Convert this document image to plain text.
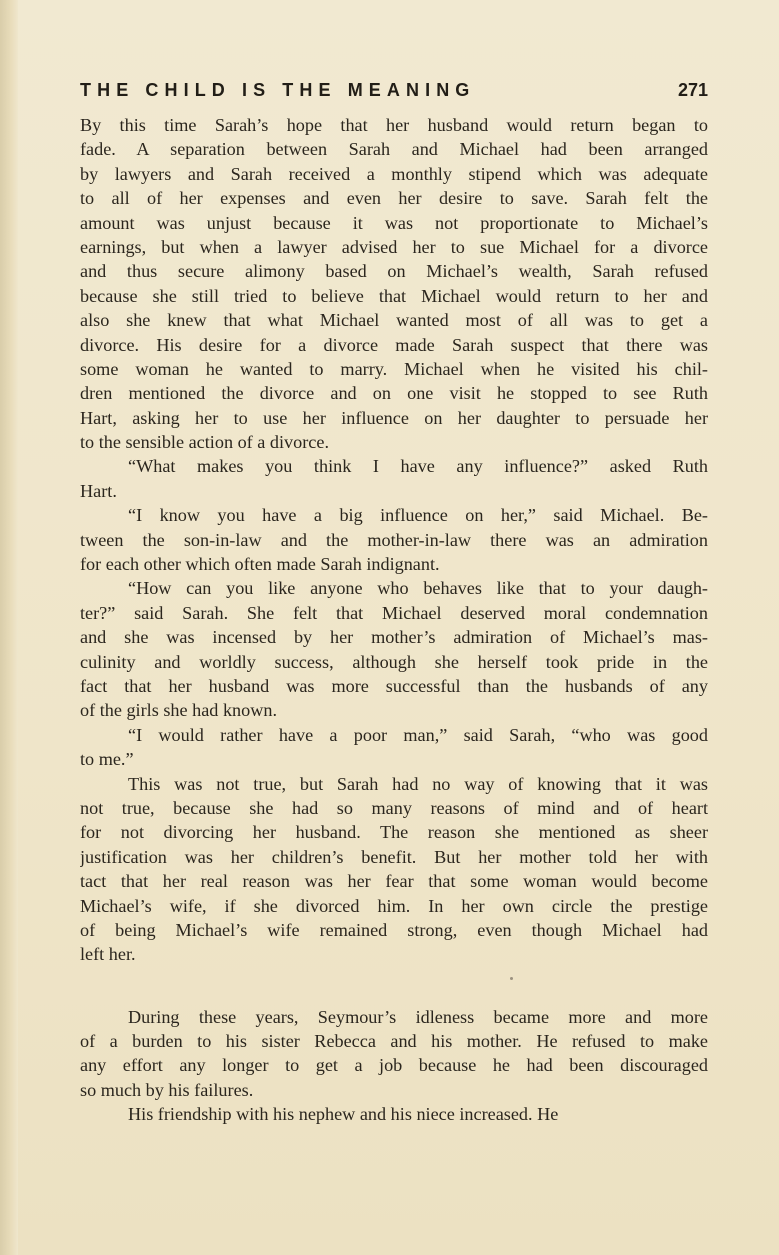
THE CHILD IS THE MEANING	271
By this time Sarah’s hope that her husband would return began to
fade. A separation between Sarah and Michael had been arranged
by lawyers and Sarah received a monthly stipend which was adequate
to all of her expenses and even her desire to save. Sarah felt the
amount was unjust because it was not proportionate to Michael’s
earnings, but when a lawyer advised her to sue Michael for a divorce
and thus secure alimony based on Michael’s wealth, Sarah refused
because she still tried to believe that Michael would return to her and
also she knew that what Michael wanted most of all was to get a
divorce. His desire for a divorce made Sarah suspect that there was
some woman he wanted to marry. Michael when he visited his chil-
dren mentioned the divorce and on one visit he stopped to see Ruth
Hart, asking her to use her influence on her daughter to persuade her
to the sensible action of a divorce.
“What makes you think I have any influence?” asked Ruth
Hart.
“I know you have a big influence on her,” said Michael. Be-
tween the son-in-law and the mother-in-law there was an admiration
for each other which often made Sarah indignant.
“How can you like anyone who behaves like that to your daugh-
ter?” said Sarah. She felt that Michael deserved moral condemnation
and she was incensed by her mother’s admiration of Michael’s mas-
culinity and worldly success, although she herself took pride in the
fact that her husband was more successful than the husbands of any
of the girls she had known.
“I would rather have a poor man,” said Sarah, “who was good
to me.”
This was not true, but Sarah had no way of knowing that it was
not true, because she had so many reasons of mind and of heart
for not divorcing her husband. The reason she mentioned as sheer
justification was her children’s benefit. But her mother told her with
tact that her real reason was her fear that some woman would become
Michael’s wife, if she divorced him. In her own circle the prestige
of being Michael’s wife remained strong, even though Michael had
left her.
During these years, Seymour’s idleness became more and more
of a burden to his sister Rebecca and his mother. He refused to make
any effort any longer to get a job because he had been discouraged
so much by his failures.
His friendship with his nephew and his niece increased. He
